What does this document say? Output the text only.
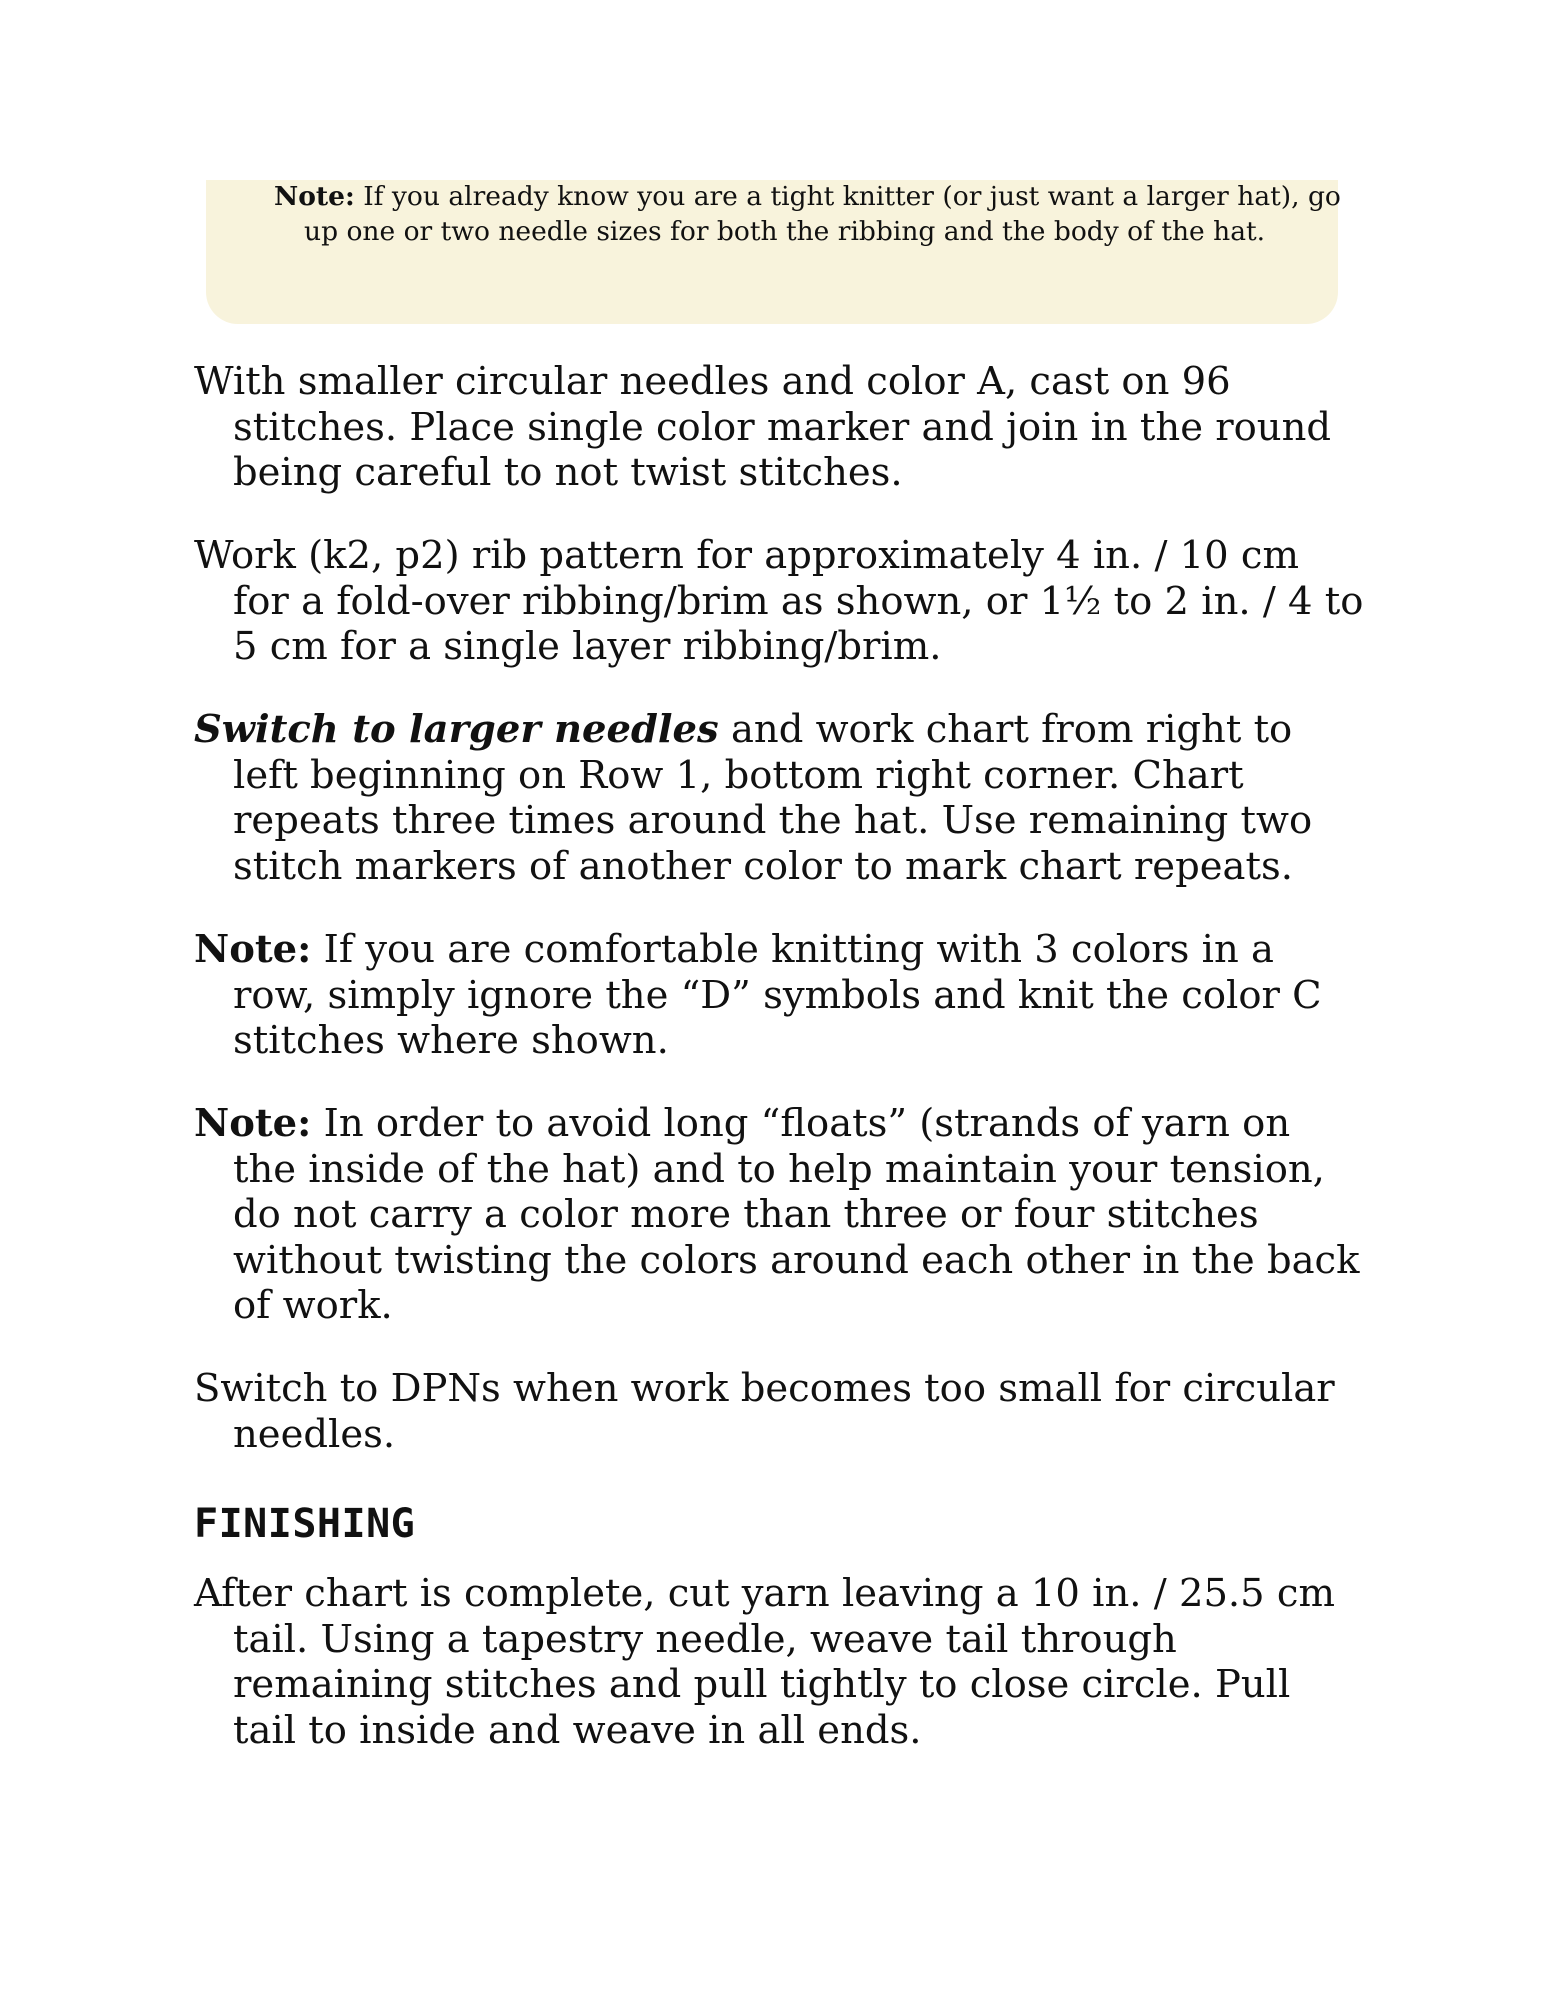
Note: If you already know you are a tight knitter (or just want a larger hat), go up one or two needle sizes for both the ribbing and the body of the hat.

With smaller circular needles and color A, cast on 96 stitches. Place single color marker and join in the round being careful to not twist stitches.

Work (k2, p2) rib pattern for approximately 4 in. / 10 cm for a fold-over ribbing/brim as shown, or 1½ to 2 in. / 4 to 5 cm for a single layer ribbing/brim.

Switch to larger needles and work chart from right to left beginning on Row 1, bottom right corner. Chart repeats three times around the hat. Use remaining two stitch markers of another color to mark chart repeats.

Note: If you are comfortable knitting with 3 colors in a row, simply ignore the “D” symbols and knit the color C stitches where shown.

Note: In order to avoid long “floats” (strands of yarn on the inside of the hat) and to help maintain your tension, do not carry a color more than three or four stitches without twisting the colors around each other in the back of work.

Switch to DPNs when work becomes too small for circular needles.

FINISHING

After chart is complete, cut yarn leaving a 10 in. / 25.5 cm tail. Using a tapestry needle, weave tail through remaining stitches and pull tightly to close circle. Pull tail to inside and weave in all ends.
